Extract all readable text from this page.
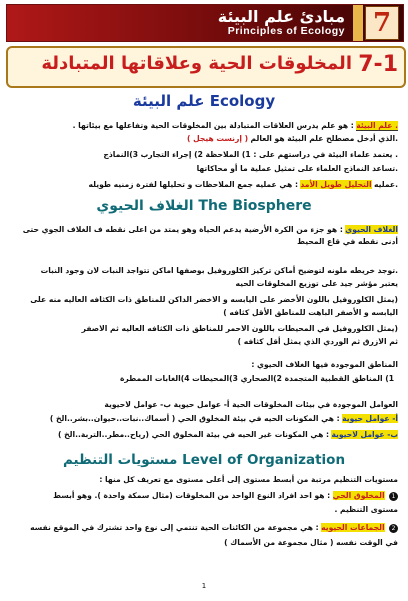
مبادئ علم البيئة
Principles of Ecology	7
7-1
المخلوقات الحية وعلاقاتها المتبادلة
علم البيئة Ecology
. علم البيئة : هو علم يدرس العلاقات المتبادلة بين المخلوقات الحية وتفاعلها مع بيئاتها .
.الذي أدخل مصطلح علم البيئة هو العالم ( إرنست هيجل )
. يعتمد علماء البيئة في دراستهم على : 1) الملاحظة 2) إجراء التجارب 3)النماذج
.تساعد النماذج العلماء على تمثيل عملية ما أو محاكاتها
.عمليه التحليل طويل الأمد : هي عمليه جمع الملاحظات و تحليلها لفترة زمنيه طويله
الغلاف الحيوي The Biosphere
الغلاف الحيوي : هو جزء من الكرة الأرضية يدعم الحياة وهو يمتد من اعلى نقطه ف الغلاف الجوي حتى أدنى نقطه في قاع المحيط
.توجد خريطه ملونه لتوضيح أماكن تركيز الكلوروفيل بوصفها اماكن تتواجد النبات لان وجود النبات
يعتبر مؤشر جيد على توزيع المخلوقات الحيه
(يمثل الكلوروفيل باللون الأخضر على اليابسه و الاخضر الداكن للمناطق ذات الكثافه العاليه منه على
اليابسه و الأصفر الباهت للمناطق الأقل كثافه )
(يمثل الكلوروفيل في المحيطات باللون الاحمر للمناطق ذات الكثافه العاليه ثم الاصفر
ثم الازرق ثم الوردي الذي يمثل أقل كثافه )
المناطق الموجودة فيها الغلاف الحيوي :
1) المناطق القطبية المتجمدة 2)الصحاري 3)المحيطات 4)الغابات الممطرة
العوامل الموجودة في بيئات المخلوقات الحية أ- عوامل حيوية ب- عوامل لاحيوية
أ- عوامل حيوية : هي المكونات الحيه في بيئة المخلوق الحي ( أسماك..نبات..حيوان..بشر..الخ )
ب- عوامل لاحيوية : هي المكونات غير الحيه في بيئة المخلوق الحي (رياح..مطر..التربة..الخ )
مستويات التنظيم Level of Organization
مستويات التنظيم مرتبة من أبسط مستوى إلى أعلى مستوى مع تعريف كل منها :
1 المخلوق الحي : هو احد افراد النوع الواحد من المخلوقات (مثال سمكة واحدة ). وهو أبسط
مستوى التنظيم .
2 الجماعات الحيويه : هي مجموعة من الكائنات الحية تنتمي إلى نوع واحد تشترك في الموقع نفسه
في الوقت نفسه ( مثال مجموعة من الأسماك )
1
